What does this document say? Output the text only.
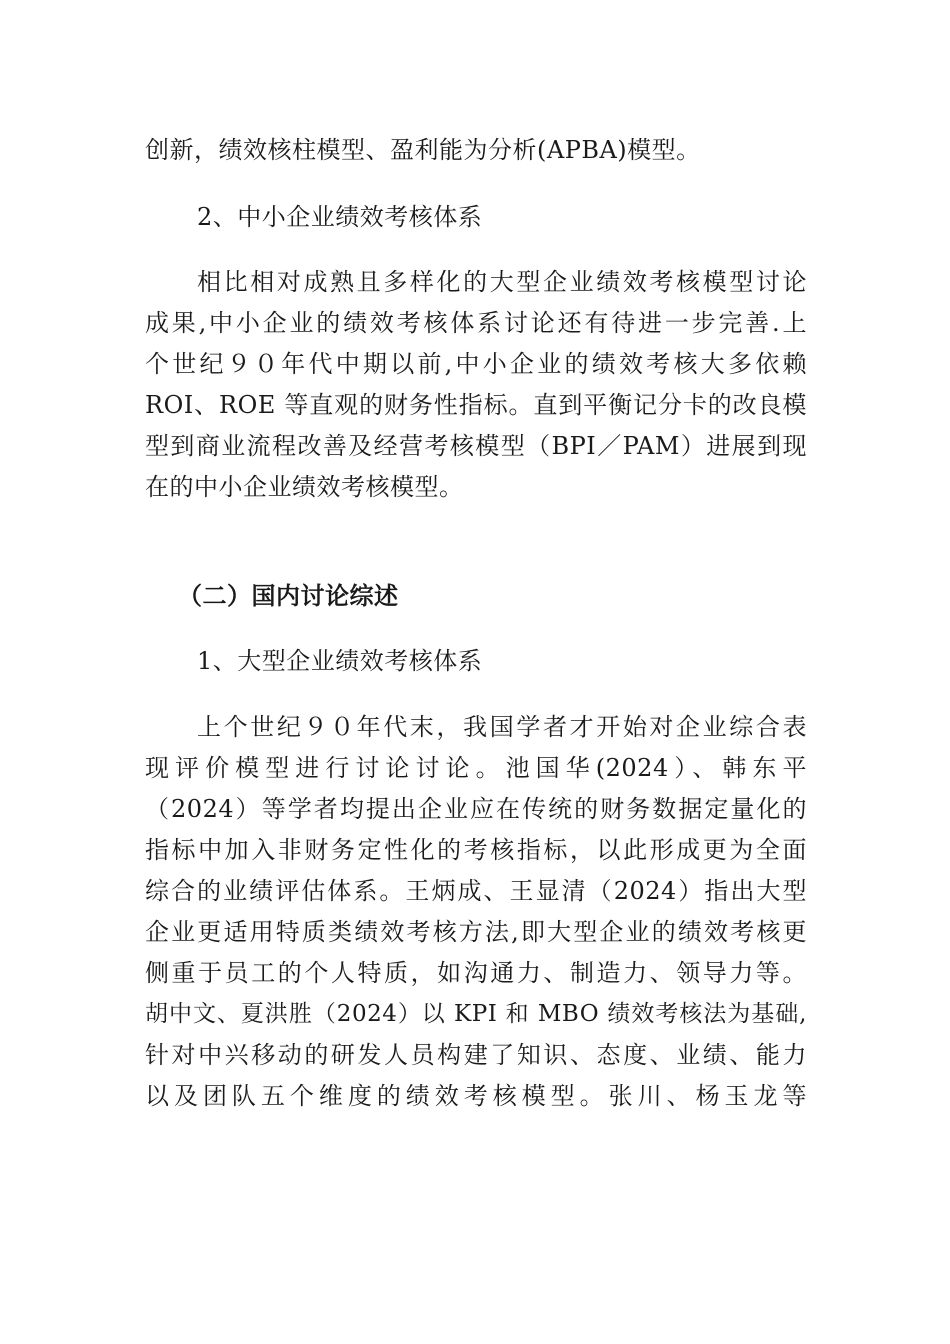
创新，绩效核柱模型、盈利能为分析(APBA)模型。
2、中小企业绩效考核体系
相比相对成熟且多样化的大型企业绩效考核模型讨论
成果,中小企业的绩效考核体系讨论还有待进一步完善.上
个世纪９０年代中期以前,中小企业的绩效考核大多依赖
ROI、ROE 等直观的财务性指标。直到平衡记分卡的改良模
型到商业流程改善及经营考核模型（BPI／PAM）进展到现
在的中小企业绩效考核模型。
（二）国内讨论综述
1、大型企业绩效考核体系
上个世纪９０年代末，我国学者才开始对企业综合表
现评价模型进行讨论讨论。池国华(2024）、韩东平
（2024）等学者均提出企业应在传统的财务数据定量化的
指标中加入非财务定性化的考核指标，以此形成更为全面
综合的业绩评估体系。王炳成、王显清（2024）指出大型
企业更适用特质类绩效考核方法,即大型企业的绩效考核更
侧重于员工的个人特质，如沟通力、制造力、领导力等。
胡中文、夏洪胜（2024）以 KPI 和 MBO 绩效考核法为基础,
针对中兴移动的研发人员构建了知识、态度、业绩、能力
以及团队五个维度的绩效考核模型。张川、杨玉龙等
